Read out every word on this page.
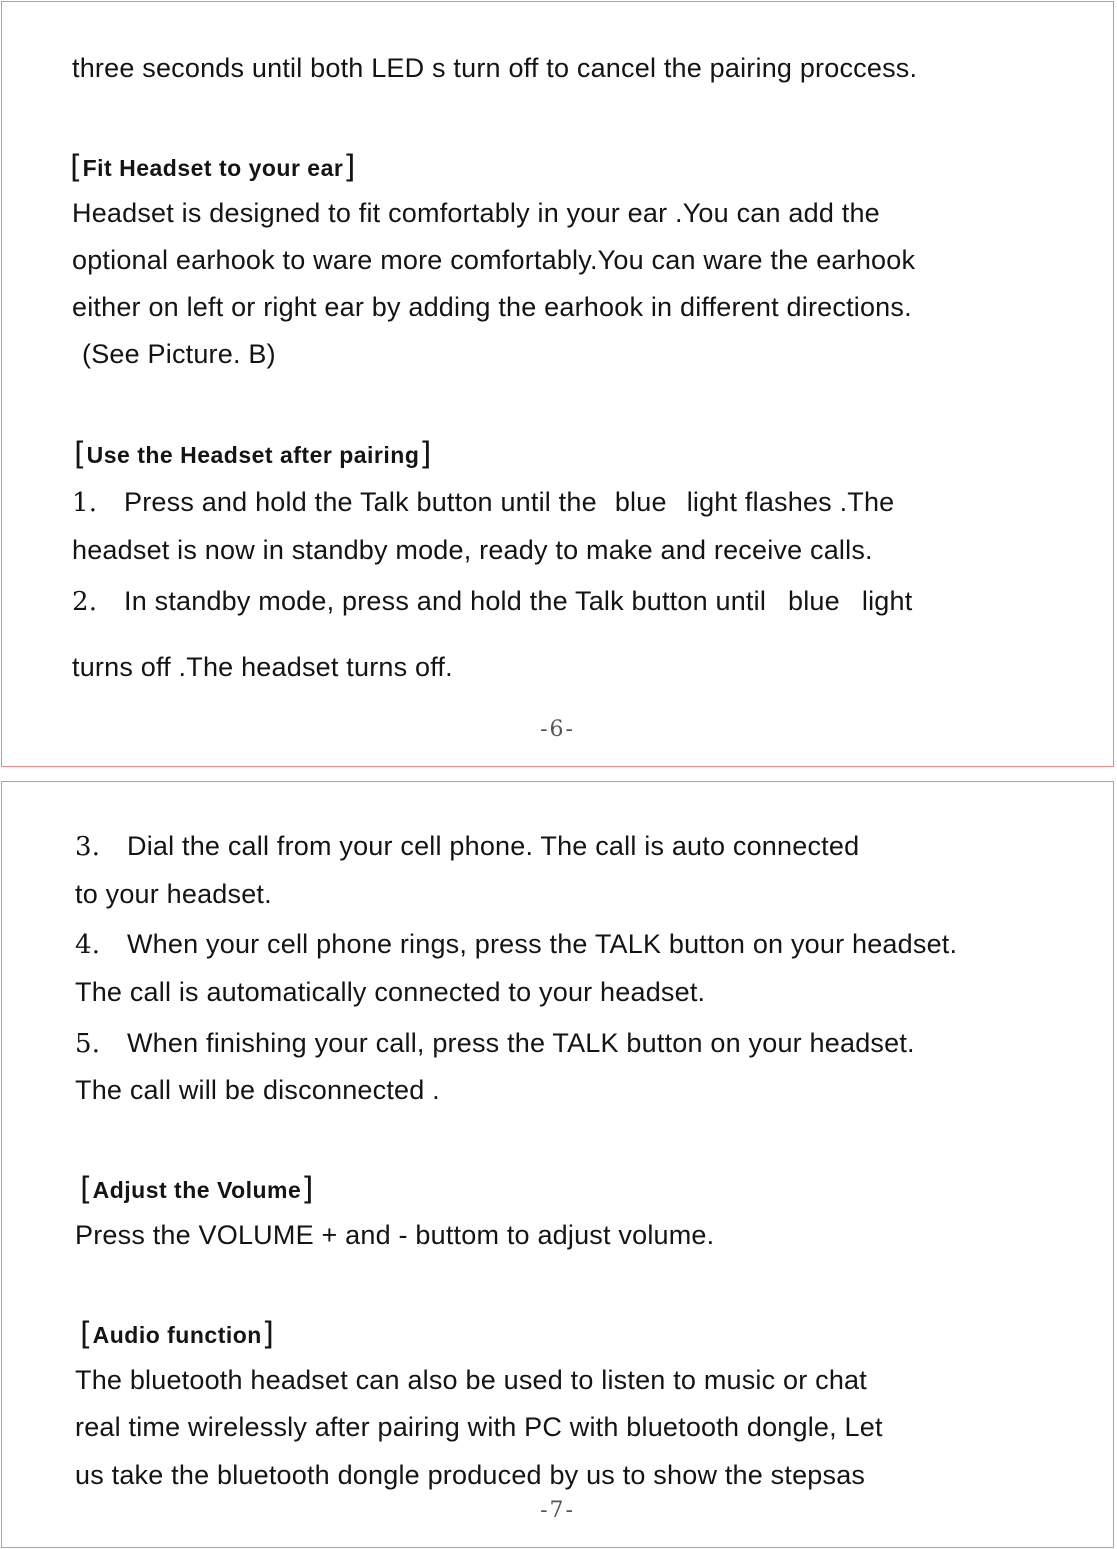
three seconds until both LED s turn off to cancel the pairing proccess.
[Fit Headset to your ear]
Headset is designed to fit comfortably in your ear .You can add the
optional earhook to ware more comfortably.You can ware the earhook
either on left or right ear by adding the earhook in different directions.
(See Picture. B)
[Use the Headset after pairing]
1. Press and hold the Talk button until the blue light flashes .The
headset is now in standby mode, ready to make and receive calls.
2. In standby mode, press and hold the Talk button until blue light
turns off .The headset turns off.
-6-
3. Dial the call from your cell phone. The call is auto connected
to your headset.
4. When your cell phone rings, press the TALK button on your headset.
The call is automatically connected to your headset.
5. When finishing your call, press the TALK button on your headset.
The call will be disconnected .
[Adjust the Volume]
Press the VOLUME + and - buttom to adjust volume.
[Audio function]
The bluetooth headset can also be used to listen to music or chat
real time wirelessly after pairing with PC with bluetooth dongle, Let
us take the bluetooth dongle produced by us to show the stepsas
-7-
